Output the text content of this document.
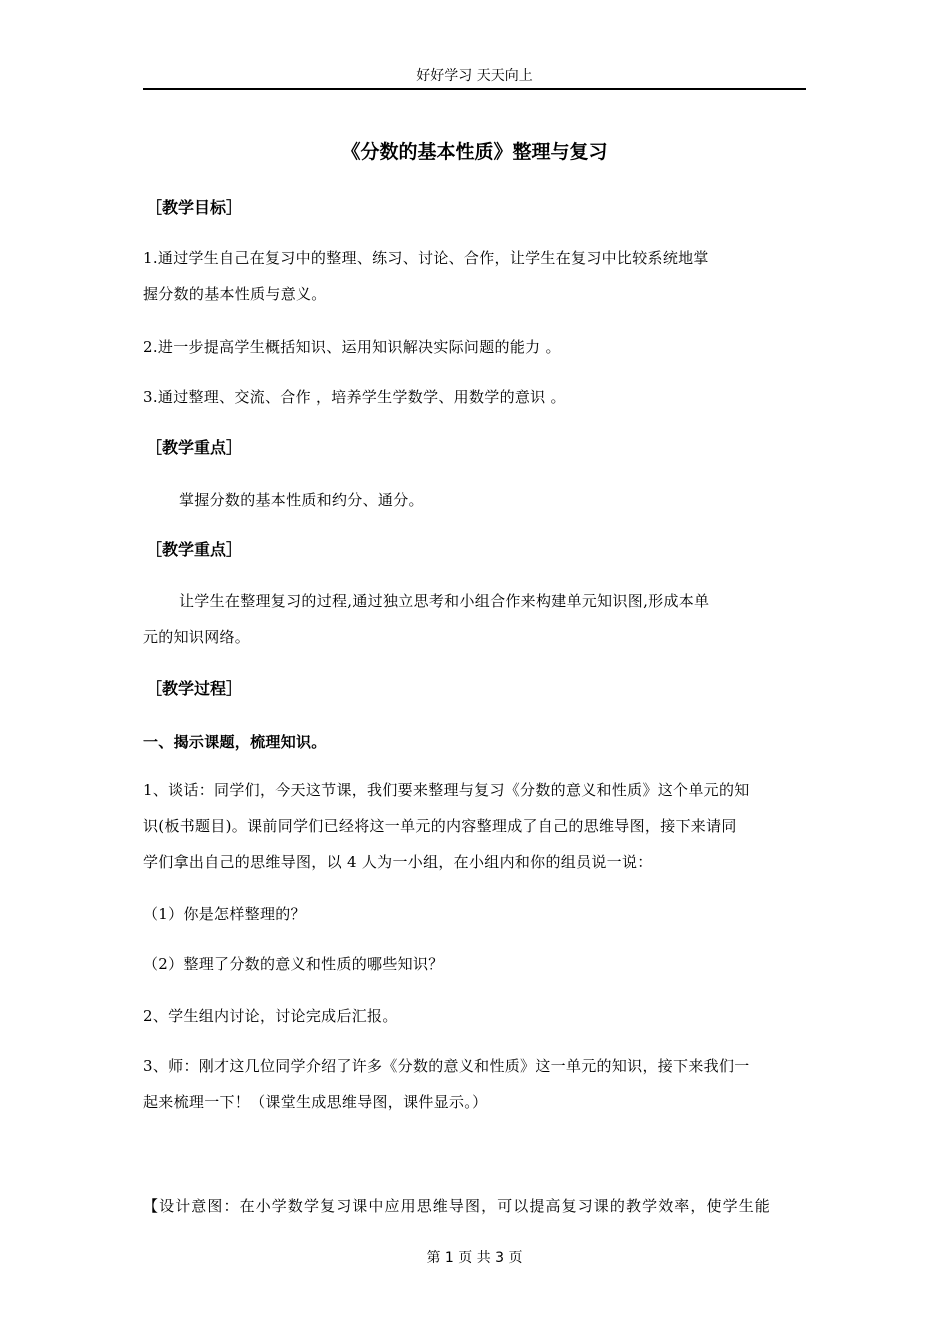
好好学习 天天向上
《分数的基本性质》整理与复习
［教学目标］
1.通过学生自己在复习中的整理、练习、讨论、合作，让学生在复习中比较系统地掌
握分数的基本性质与意义。
2.进一步提高学生概括知识、运用知识解决实际问题的能力 。
3.通过整理、交流、合作 ，培养学生学数学、用数学的意识 。
［教学重点］
掌握分数的基本性质和约分、通分。
［教学重点］
让学生在整理复习的过程,通过独立思考和小组合作来构建单元知识图,形成本单
元的知识网络。
［教学过程］
一、揭示课题，梳理知识。
1、谈话：同学们，今天这节课，我们要来整理与复习《分数的意义和性质》这个单元的知
识(板书题目)。课前同学们已经将这一单元的内容整理成了自己的思维导图，接下来请同
学们拿出自己的思维导图，以 4 人为一小组，在小组内和你的组员说一说：
（1）你是怎样整理的？
（2）整理了分数的意义和性质的哪些知识？
2、学生组内讨论，讨论完成后汇报。
3、师：刚才这几位同学介绍了许多《分数的意义和性质》这一单元的知识，接下来我们一
起来梳理一下！（课堂生成思维导图，课件显示。）
【设计意图：在小学数学复习课中应用思维导图，可以提高复习课的教学效率，使学生能
第 1 页 共 3 页
